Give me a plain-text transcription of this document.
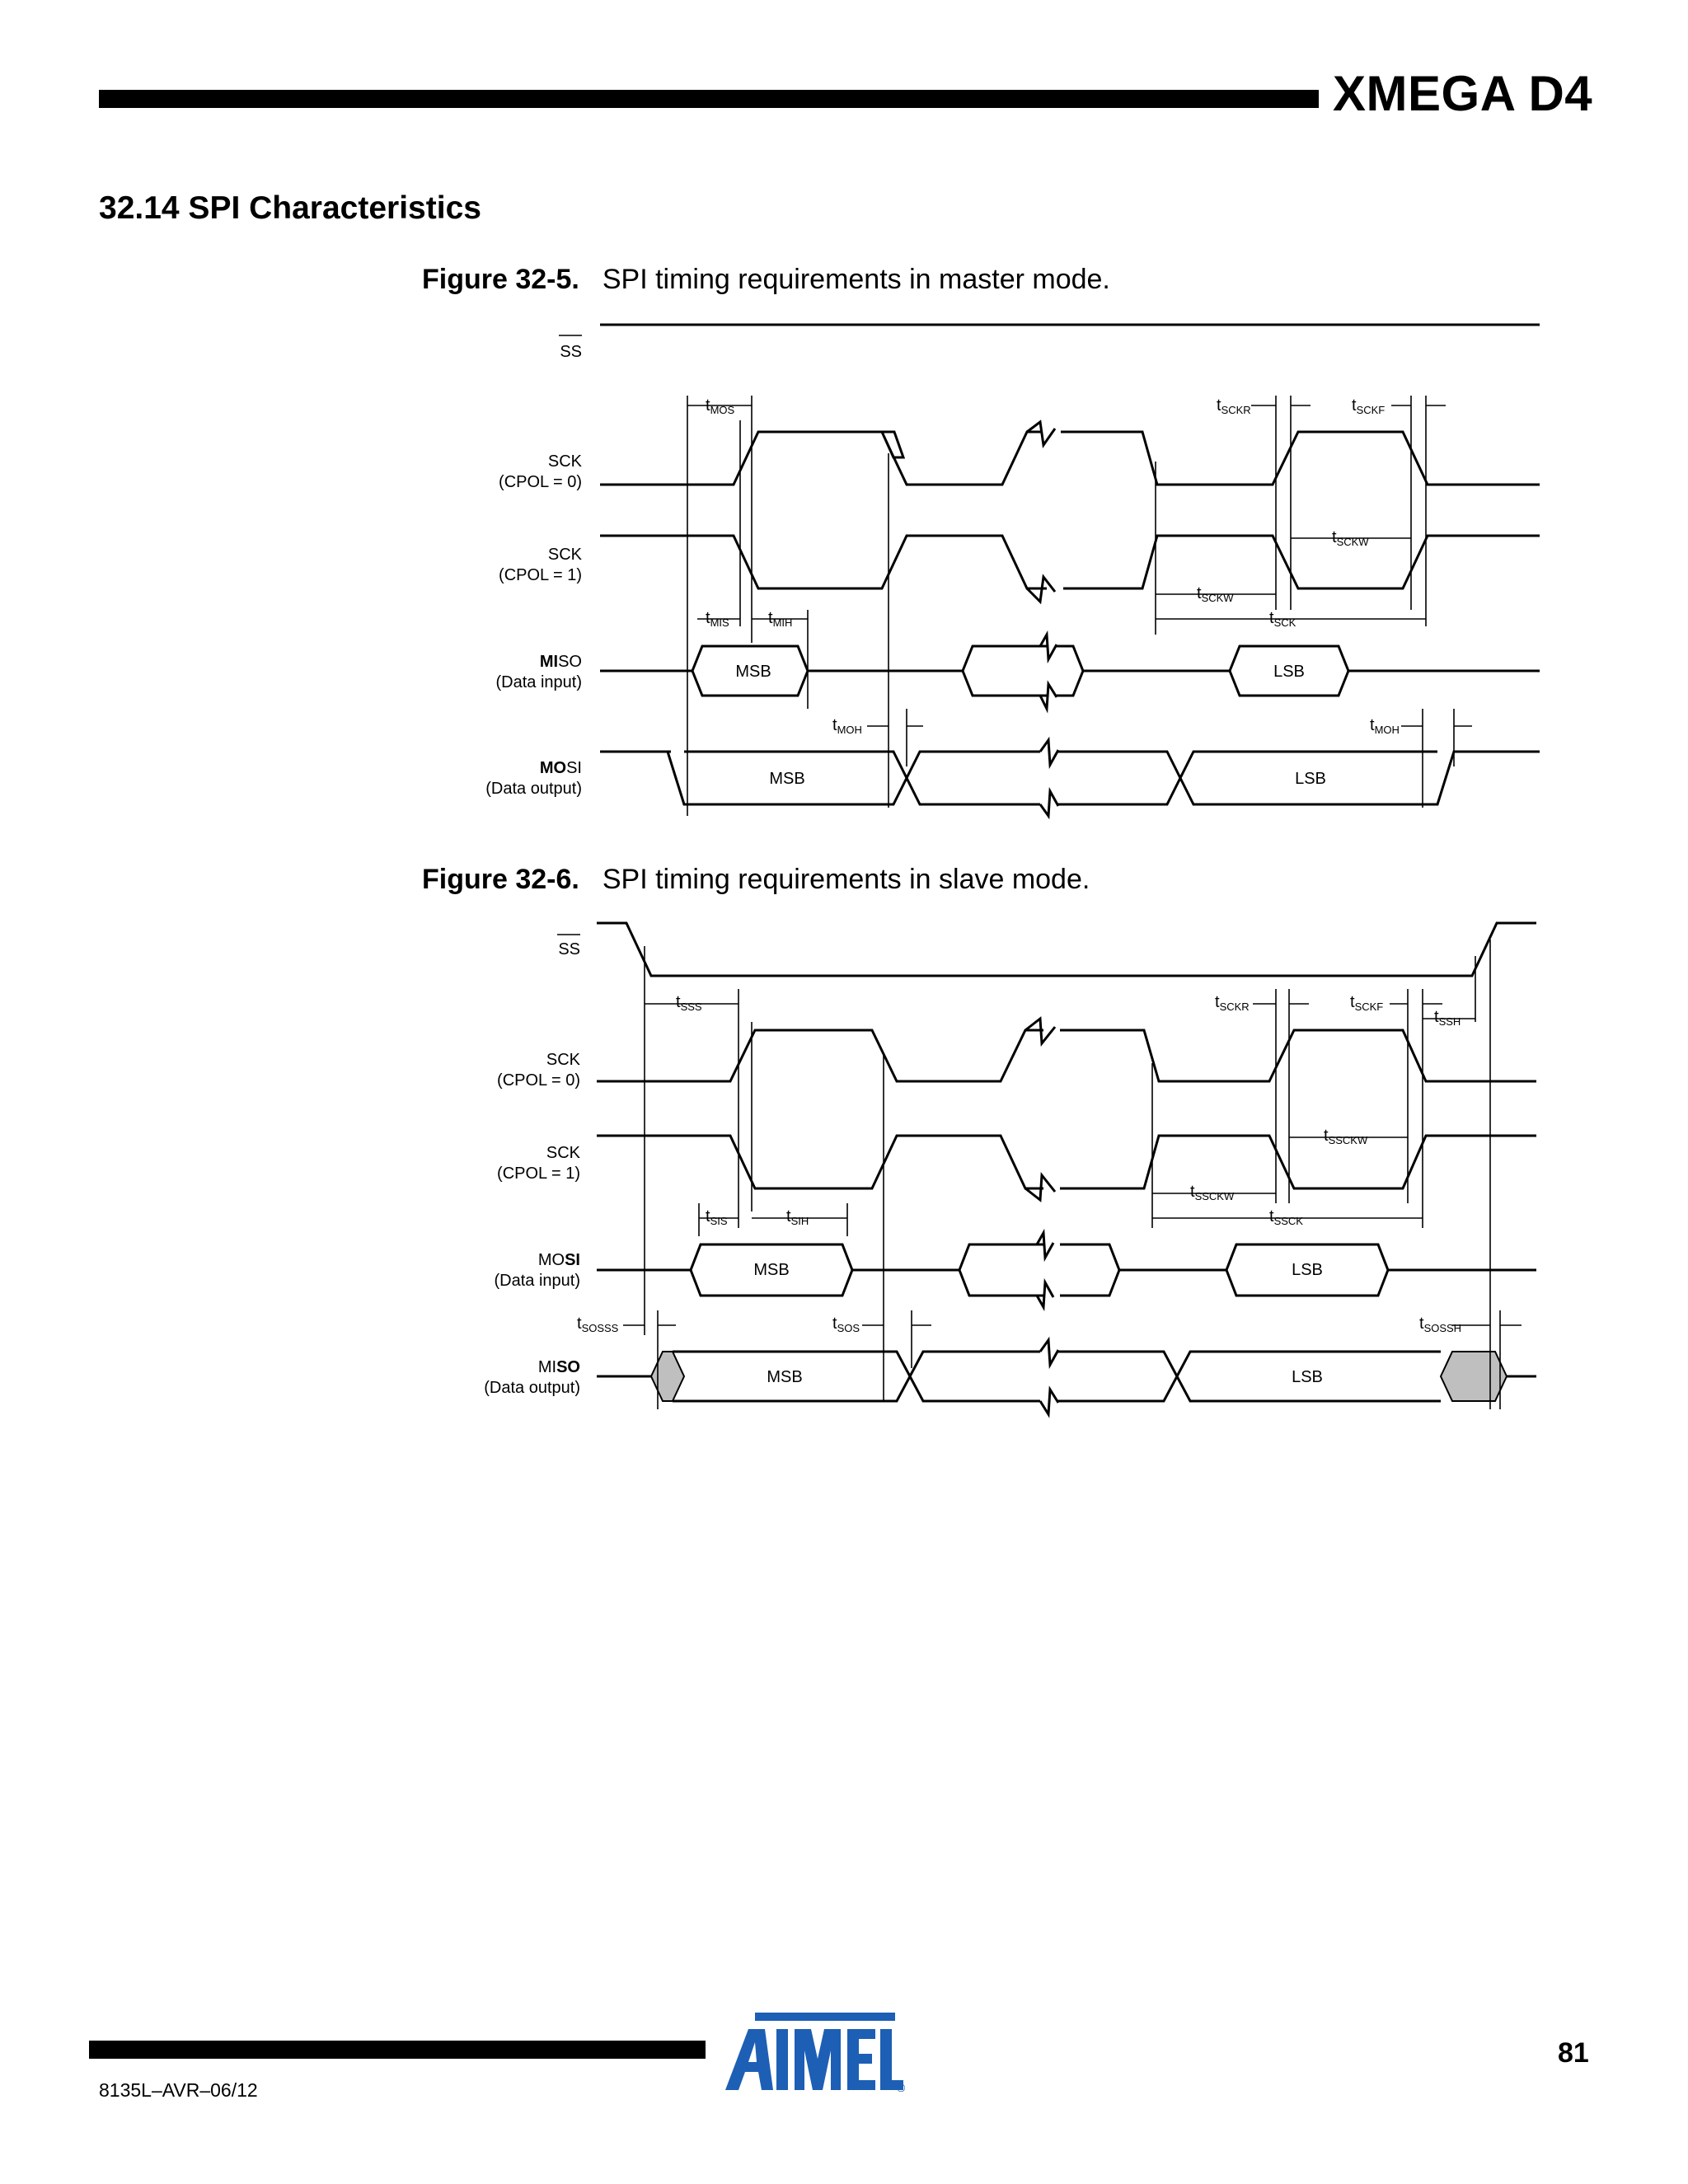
XMEGA D4
32.14 SPI Characteristics
Figure 32-5. SPI timing requirements in master mode.
SS
SCK
(CPOL = 0)
SCK
(CPOL = 1)
MISO
(Data input)
MOSI
(Data output)
MSB	LSB
MSB	LSB
$t_{MOS}$	$t_{SCKR}$	$t_{SCKF}$
$t_{SCKW}$
$t_{SCKW}$
$t_{SCK}$
$t_{MIS}$ $t_{MIH}$
$t_{MOH}$	$t_{MOH}$
Figure 32-6. SPI timing requirements in slave mode.
SS
SCK
(CPOL = 0)
SCK
(CPOL = 1)
MOSI
(Data input)
MISO
(Data output)
MSB	LSB
MSB	LSB
$t_{SSS}$	$t_{SCKR}$	$t_{SCKF}$
$t_{SSH}$
$t_{SSCKW}$
$t_{SSCKW}$
$t_{SSCK}$
$t_{SIS}$	$t_{SIH}$
$t_{SOSSS}$	$t_{SOS}$	$t_{SOSSH}$
8135L–AVR–06/12	®
81
